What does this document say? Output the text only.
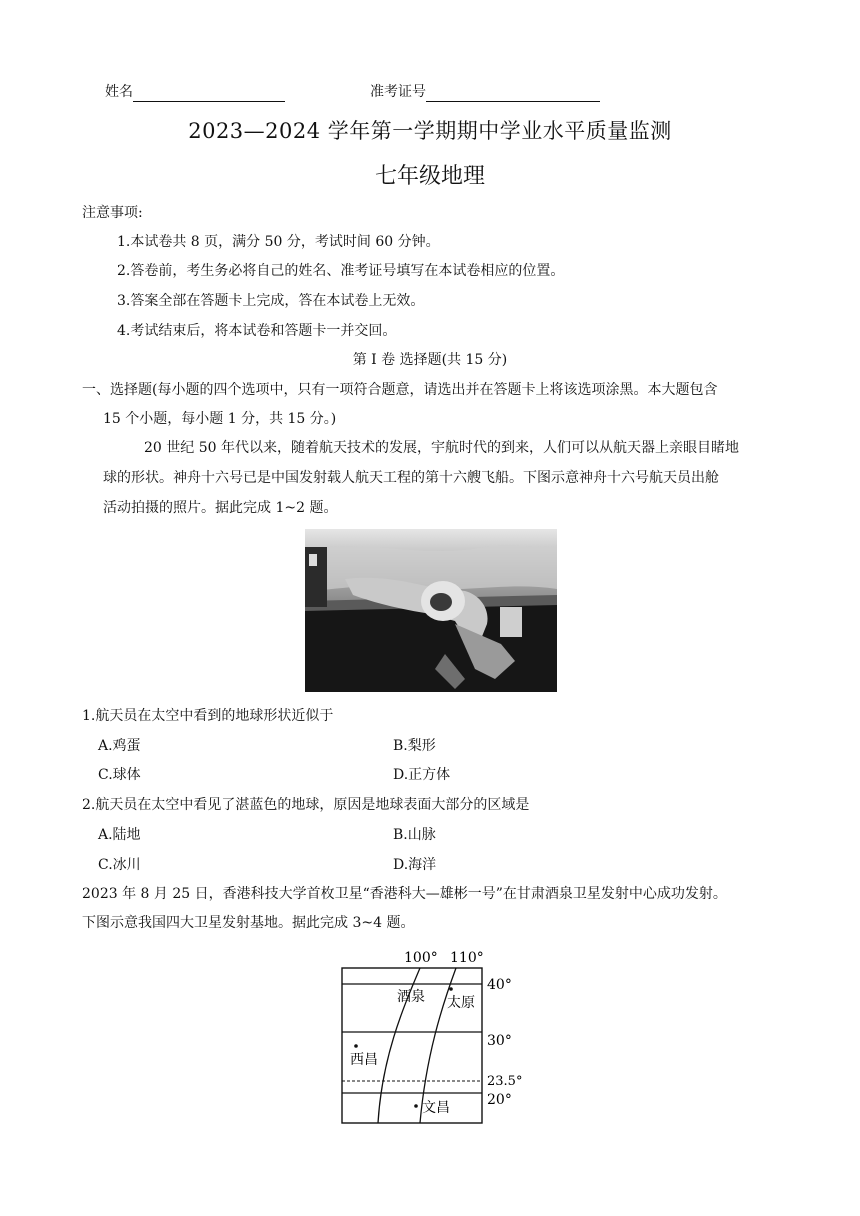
姓名	准考证号
2023—2024 学年第一学期期中学业水平质量监测
七年级地理
注意事项:
1.本试卷共 8 页，满分 50 分，考试时间 60 分钟。
2.答卷前，考生务必将自己的姓名、准考证号填写在本试卷相应的位置。
3.答案全部在答题卡上完成，答在本试卷上无效。
4.考试结束后，将本试卷和答题卡一并交回。
第 I 卷 选择题(共 15 分)
一、选择题(每小题的四个选项中，只有一项符合题意，请选出并在答题卡上将该选项涂黑。本大题包含
15 个小题，每小题 1 分，共 15 分。)
20 世纪 50 年代以来，随着航天技术的发展，宇航时代的到来，人们可以从航天器上亲眼目睹地
球的形状。神舟十六号已是中国发射载人航天工程的第十六艘飞船。下图示意神舟十六号航天员出舱
活动拍摄的照片。据此完成 1~2 题。
1.航天员在太空中看到的地球形状近似于
A.鸡蛋	B.梨形
C.球体	D.正方体
2.航天员在太空中看见了湛蓝色的地球，原因是地球表面大部分的区域是
A.陆地	B.山脉
C.冰川	D.海洋
2023 年 8 月 25 日，香港科技大学首枚卫星“香港科大—雄彬一号”在甘肃酒泉卫星发射中心成功发射。
下图示意我国四大卫星发射基地。据此完成 3~4 题。
100° 110°
40°
30°
23.5°
20°
酒泉 太原
西昌
文昌
